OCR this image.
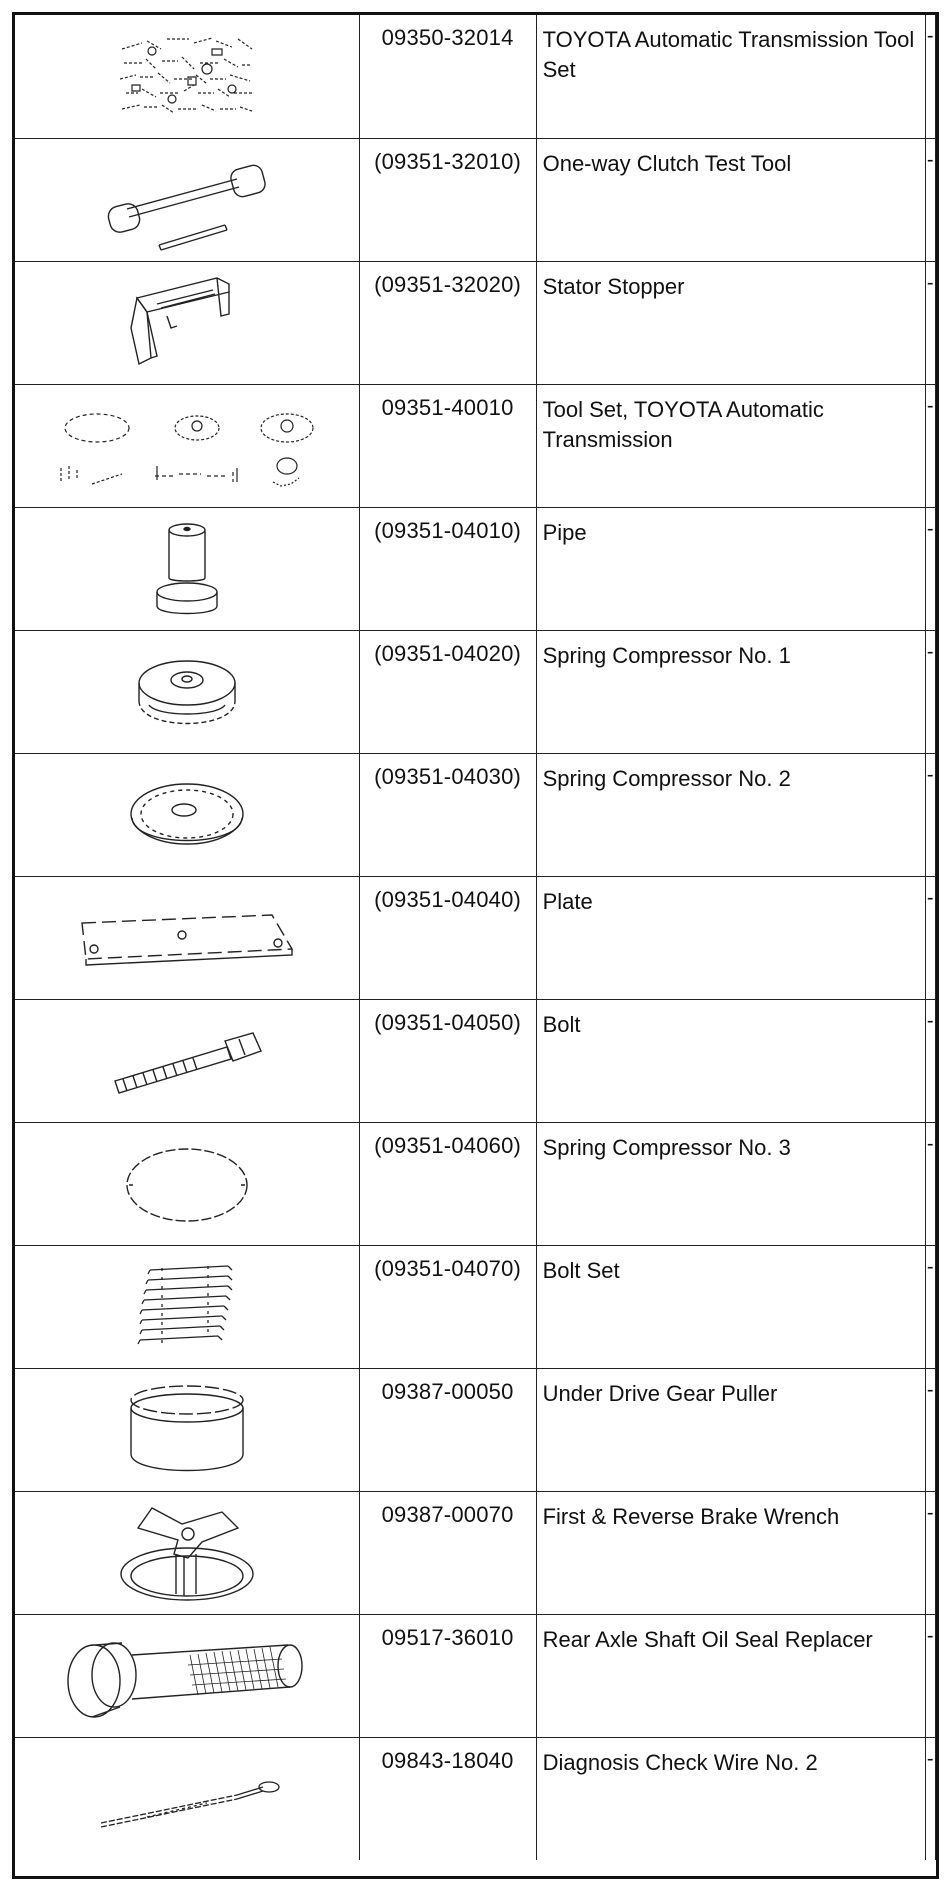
	09350-32014	TOYOTA Automatic Transmission Tool Set	-

	(09351-32010)	One-way Clutch Test Tool	-

	(09351-32020)	Stator Stopper	-

	09351-40010	Tool Set, TOYOTA Automatic Transmission	-

	(09351-04010)	Pipe	-

	(09351-04020)	Spring Compressor No. 1	-

	(09351-04030)	Spring Compressor No. 2	-

	(09351-04040)	Plate	-

	(09351-04050)	Bolt	-

	(09351-04060)	Spring Compressor No. 3	-

	(09351-04070)	Bolt Set	-

	09387-00050	Under Drive Gear Puller	-

	09387-00070	First & Reverse Brake Wrench	-

	09517-36010	Rear Axle Shaft Oil Seal Replacer	-

	09843-18040	Diagnosis Check Wire No. 2	-
